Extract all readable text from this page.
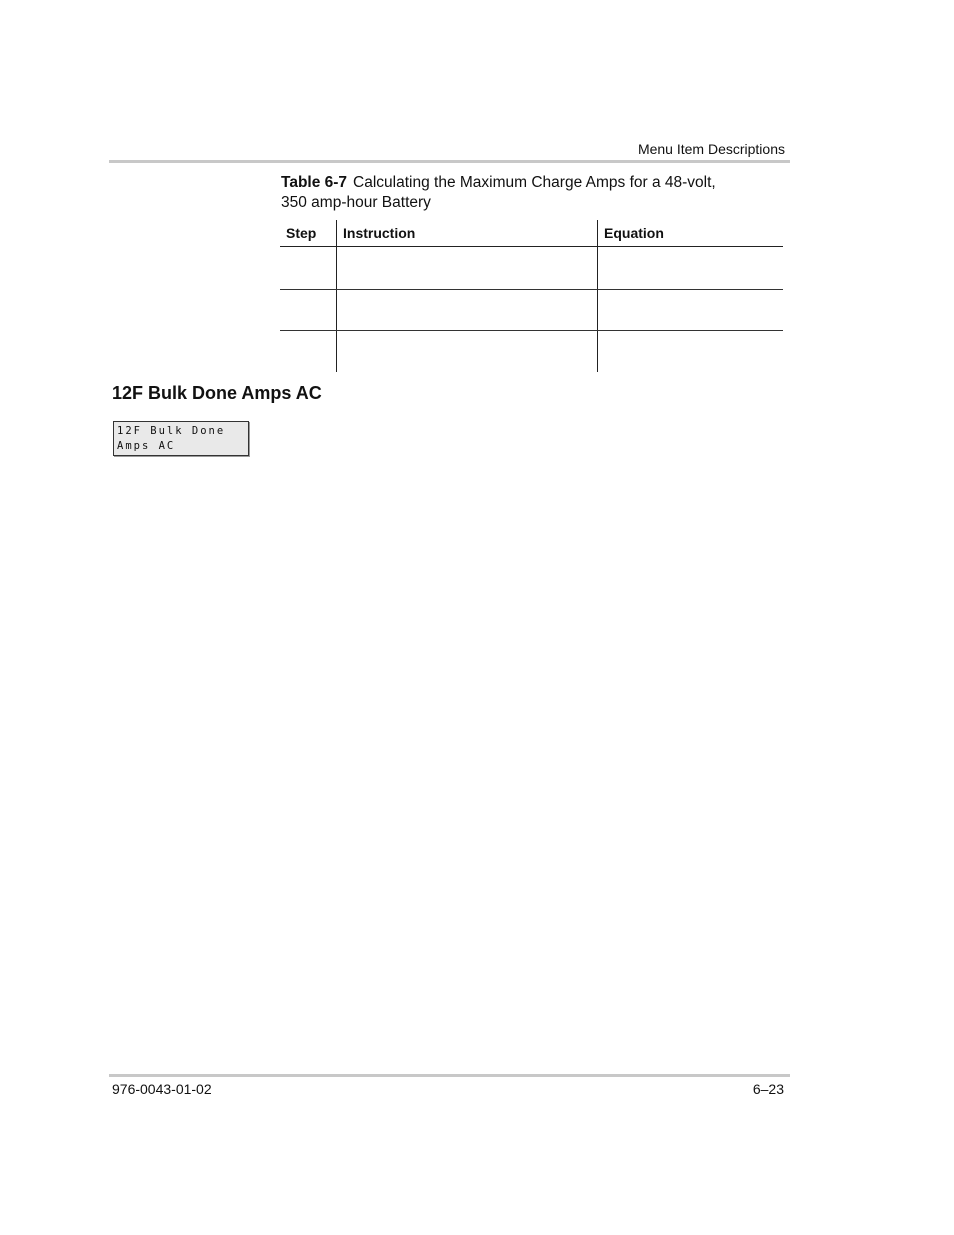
Menu Item Descriptions
Table 6-7 Calculating the Maximum Charge Amps for a 48-volt,
350 amp-hour Battery
Step	Instruction	Equation

12F Bulk Done Amps AC
12F Bulk Done
Amps AC
976-0043-01-02	6–23
